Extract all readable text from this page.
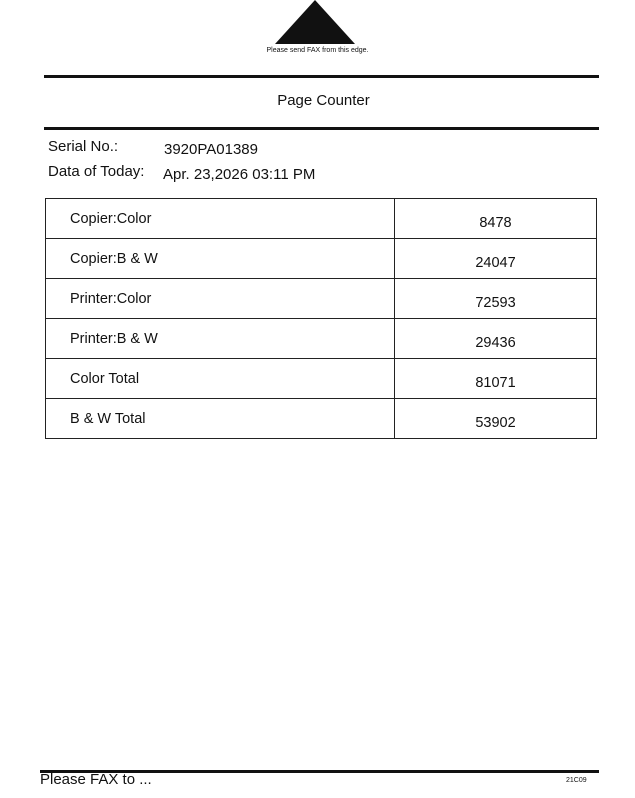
Please send FAX from this edge.
Page Counter
Serial No.:	3920PA01389
Data of Today: Apr. 23,2026 03:11 PM
Copier:Color	8478
Copier:B & W	24047
Printer:Color	72593
Printer:B & W	29436
Color Total	81071
B & W Total	53902
Please FAX to ...	21C09
